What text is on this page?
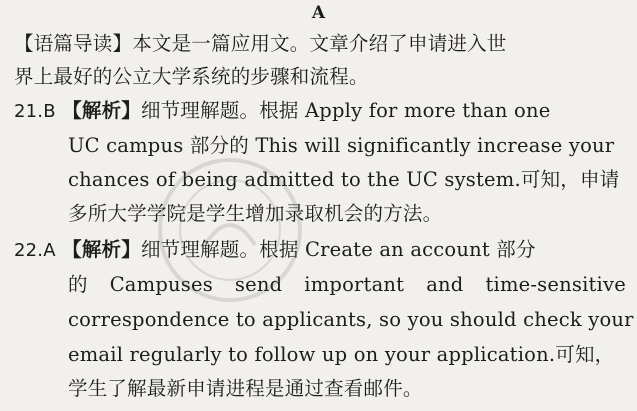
A
【语篇导读】本文是一篇应用文。文章介绍了申请进入世
界上最好的公立大学系统的步骤和流程。
21.B 【解析】细节理解题。根据 Apply for more than one
UC campus 部分的 This will significantly increase your
chances of being admitted to the UC system.可知，申请
多所大学学院是学生增加录取机会的方法。
22.A 【解析】细节理解题。根据 Create an account 部分
的 Campuses send important and time-sensitive
correspondence to applicants, so you should check your
email regularly to follow up on your application.可知，
学生了解最新申请进程是通过查看邮件。
